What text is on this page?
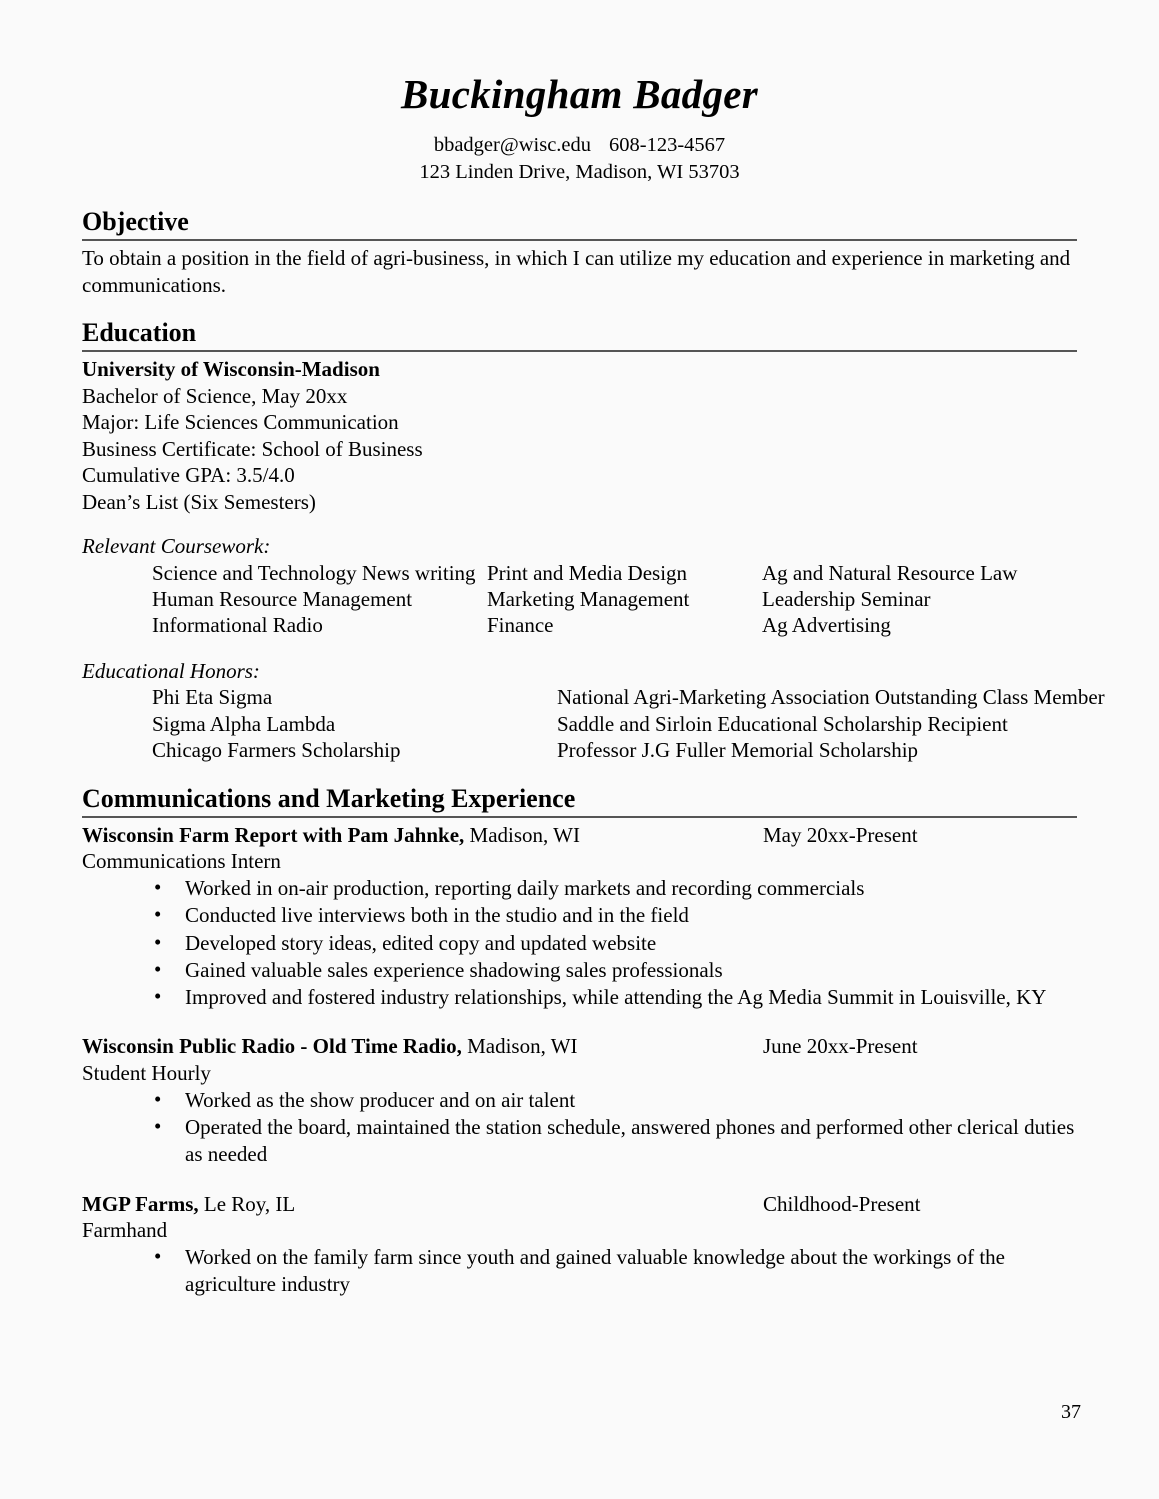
Buckingham Badger
bbadger@wisc.edu 608-123-4567
123 Linden Drive, Madison, WI 53703
Objective

To obtain a position in the field of agri-business, in which I can utilize my education and experience in marketing and communications.

Education
University of Wisconsin-Madison
Bachelor of Science, May 20xx
Major: Life Sciences Communication
Business Certificate: School of Business
Cumulative GPA: 3.5/4.0
Dean’s List (Six Semesters)
Relevant Coursework:
Science and Technology News writing	Print and Media Design	Ag and Natural Resource Law
Human Resource Management	Marketing Management	Leadership Seminar
Informational Radio	Finance	Ag Advertising
Educational Honors:
Phi Eta Sigma	National Agri-Marketing Association Outstanding Class Member
Sigma Alpha Lambda	Saddle and Sirloin Educational Scholarship Recipient
Chicago Farmers Scholarship	Professor J.G Fuller Memorial Scholarship
Communications and Marketing Experience
Wisconsin Farm Report with Pam Jahnke, Madison, WI	May 20xx-Present
Communications Intern
• Worked in on-air production, reporting daily markets and recording commercials
• Conducted live interviews both in the studio and in the field
• Developed story ideas, edited copy and updated website
• Gained valuable sales experience shadowing sales professionals
• Improved and fostered industry relationships, while attending the Ag Media Summit in Louisville, KY
Wisconsin Public Radio - Old Time Radio, Madison, WI	June 20xx-Present
Student Hourly
• Worked as the show producer and on air talent
• Operated the board, maintained the station schedule, answered phones and performed other clerical duties as needed
MGP Farms, Le Roy, IL	Childhood-Present
Farmhand
• Worked on the family farm since youth and gained valuable knowledge about the workings of the agriculture industry
37
